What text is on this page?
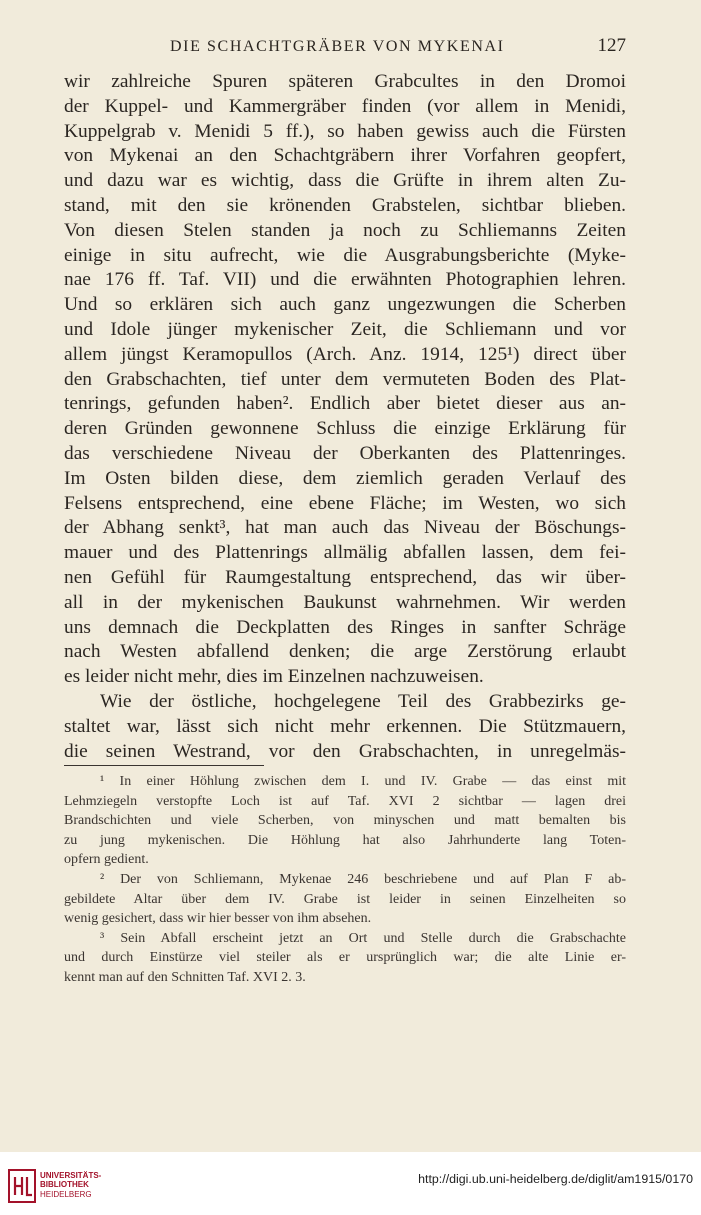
DIE SCHACHTGRÄBER VON MYKENAI	127
wir zahlreiche Spuren späteren Grabcultes in den Dromoi
der Kuppel- und Kammergräber finden (vor allem in Menidi,
Kuppelgrab v. Menidi 5 ff.), so haben gewiss auch die Fürsten
von Mykenai an den Schachtgräbern ihrer Vorfahren geopfert,
und dazu war es wichtig, dass die Grüfte in ihrem alten Zu-
stand, mit den sie krönenden Grabstelen, sichtbar blieben.
Von diesen Stelen standen ja noch zu Schliemanns Zeiten
einige in situ aufrecht, wie die Ausgrabungsberichte (Myke-
nae 176 ff. Taf. VII) und die erwähnten Photographien lehren.
Und so erklären sich auch ganz ungezwungen die Scherben
und Idole jünger mykenischer Zeit, die Schliemann und vor
allem jüngst Keramopullos (Arch. Anz. 1914, 125¹) direct über
den Grabschachten, tief unter dem vermuteten Boden des Plat-
tenrings, gefunden haben². Endlich aber bietet dieser aus an-
deren Gründen gewonnene Schluss die einzige Erklärung für
das verschiedene Niveau der Oberkanten des Plattenringes.
Im Osten bilden diese, dem ziemlich geraden Verlauf des
Felsens entsprechend, eine ebene Fläche; im Westen, wo sich
der Abhang senkt³, hat man auch das Niveau der Böschungs-
mauer und des Plattenrings allmälig abfallen lassen, dem fei-
nen Gefühl für Raumgestaltung entsprechend, das wir über-
all in der mykenischen Baukunst wahrnehmen. Wir werden
uns demnach die Deckplatten des Ringes in sanfter Schräge
nach Westen abfallend denken; die arge Zerstörung erlaubt
es leider nicht mehr, dies im Einzelnen nachzuweisen.
Wie der östliche, hochgelegene Teil des Grabbezirks ge-
staltet war, lässt sich nicht mehr erkennen. Die Stützmauern,
die seinen Westrand, vor den Grabschachten, in unregelmäs-
¹ In einer Höhlung zwischen dem I. und IV. Grabe — das einst mit
Lehmziegeln verstopfte Loch ist auf Taf. XVI 2 sichtbar — lagen drei
Brandschichten und viele Scherben, von minyschen und matt bemalten bis
zu jung mykenischen. Die Höhlung hat also Jahrhunderte lang Toten-
opfern gedient.
² Der von Schliemann, Mykenae 246 beschriebene und auf Plan F ab-
gebildete Altar über dem IV. Grabe ist leider in seinen Einzelheiten so
wenig gesichert, dass wir hier besser von ihm absehen.
³ Sein Abfall erscheint jetzt an Ort und Stelle durch die Grabschachte
und durch Einstürze viel steiler als er ursprünglich war; die alte Linie er-
kennt man auf den Schnitten Taf. XVI 2. 3.
UNIVERSITÄTS-
BIBLIOTHEK
HEIDELBERG
http://digi.ub.uni-heidelberg.de/diglit/am1915/0170
